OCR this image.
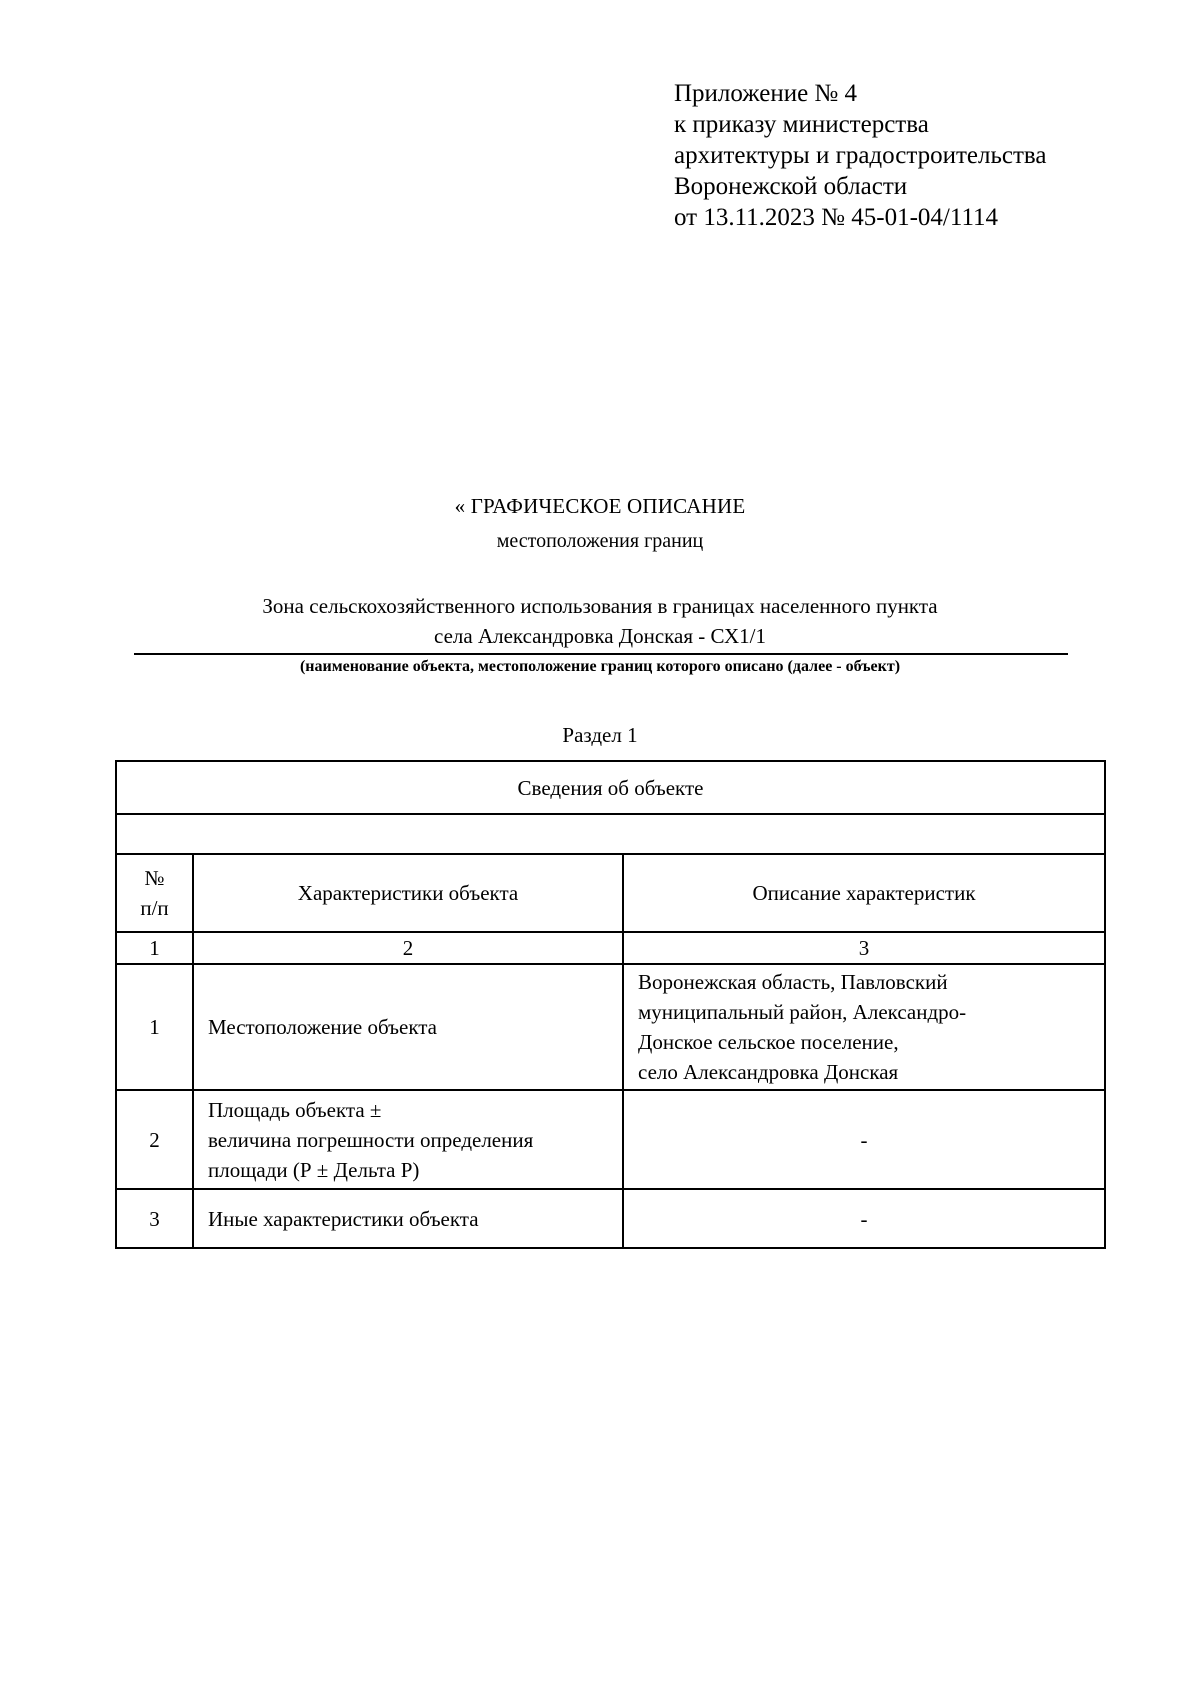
Приложение № 4
к приказу министерства
архитектуры и градостроительства
Воронежской области
от 13.11.2023 № 45-01-04/1114
« ГРАФИЧЕСКОЕ ОПИСАНИЕ
местоположения границ
Зона сельскохозяйственного использования в границах населенного пункта
села Александровка Донская - СХ1/1
(наименование объекта, местоположение границ которого описано (далее - объект)
Раздел 1
Сведения об объекте		

№
п/п	Характеристики объекта	Описание характеристик
1	2	3
1	Местоположение объекта	Воронежская область, Павловский
муниципальный район, Александро-
Донское сельское поселение,
село Александровка Донская

2	Площадь объекта ±
величина погрешности определения
площади (Р ± Дельта Р)	-
3	Иные характеристики объекта	-
